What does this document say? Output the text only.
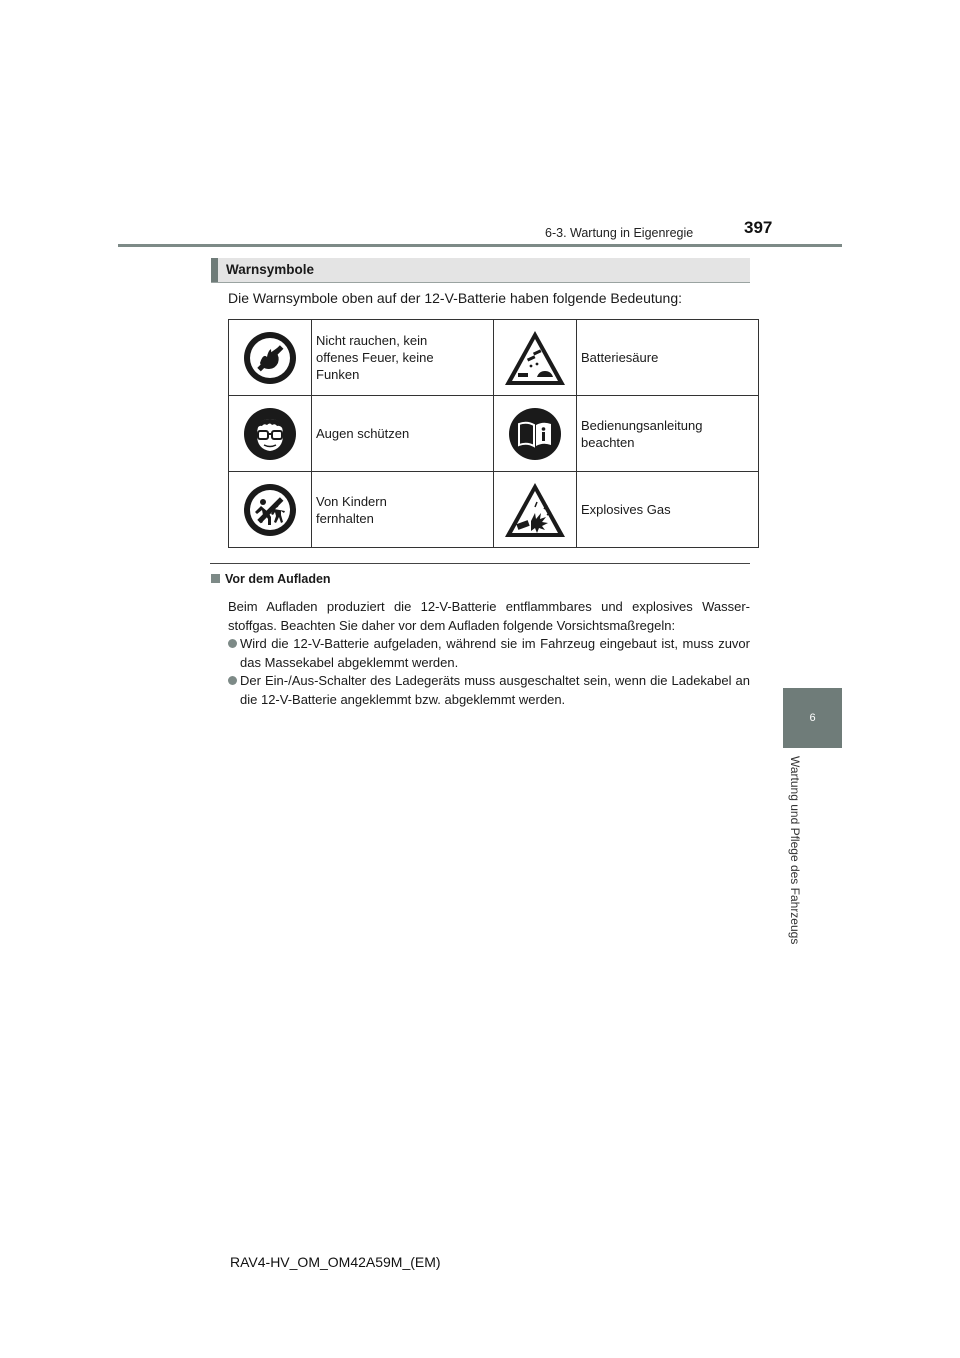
6-3. Wartung in Eigenregie	397
6
Wartung und Pflege des Fahrzeugs
Warnsymbole
Die Warnsymbole oben auf der 12-V-Batterie haben folgende Bedeutung:

Nicht rauchen, kein
offenes Feuer, keine
Funken		Batteriesäure

Augen schützen		Bedienungsanleitung
beachten

Von Kindern
fernhalten		Explosives Gas
Vor dem Aufladen
Beim Aufladen produziert die 12-V-Batterie entflammbares und explosives Wasser-stoffgas. Beachten Sie daher vor dem Aufladen folgende Vorsichtsmaßregeln:
Wird die 12-V-Batterie aufgeladen, während sie im Fahrzeug eingebaut ist, muss zuvor das Massekabel abgeklemmt werden.
Der Ein-/Aus-Schalter des Ladegeräts muss ausgeschaltet sein, wenn die Ladekabel an die 12-V-Batterie angeklemmt bzw. abgeklemmt werden.
RAV4-HV_OM_OM42A59M_(EM)
